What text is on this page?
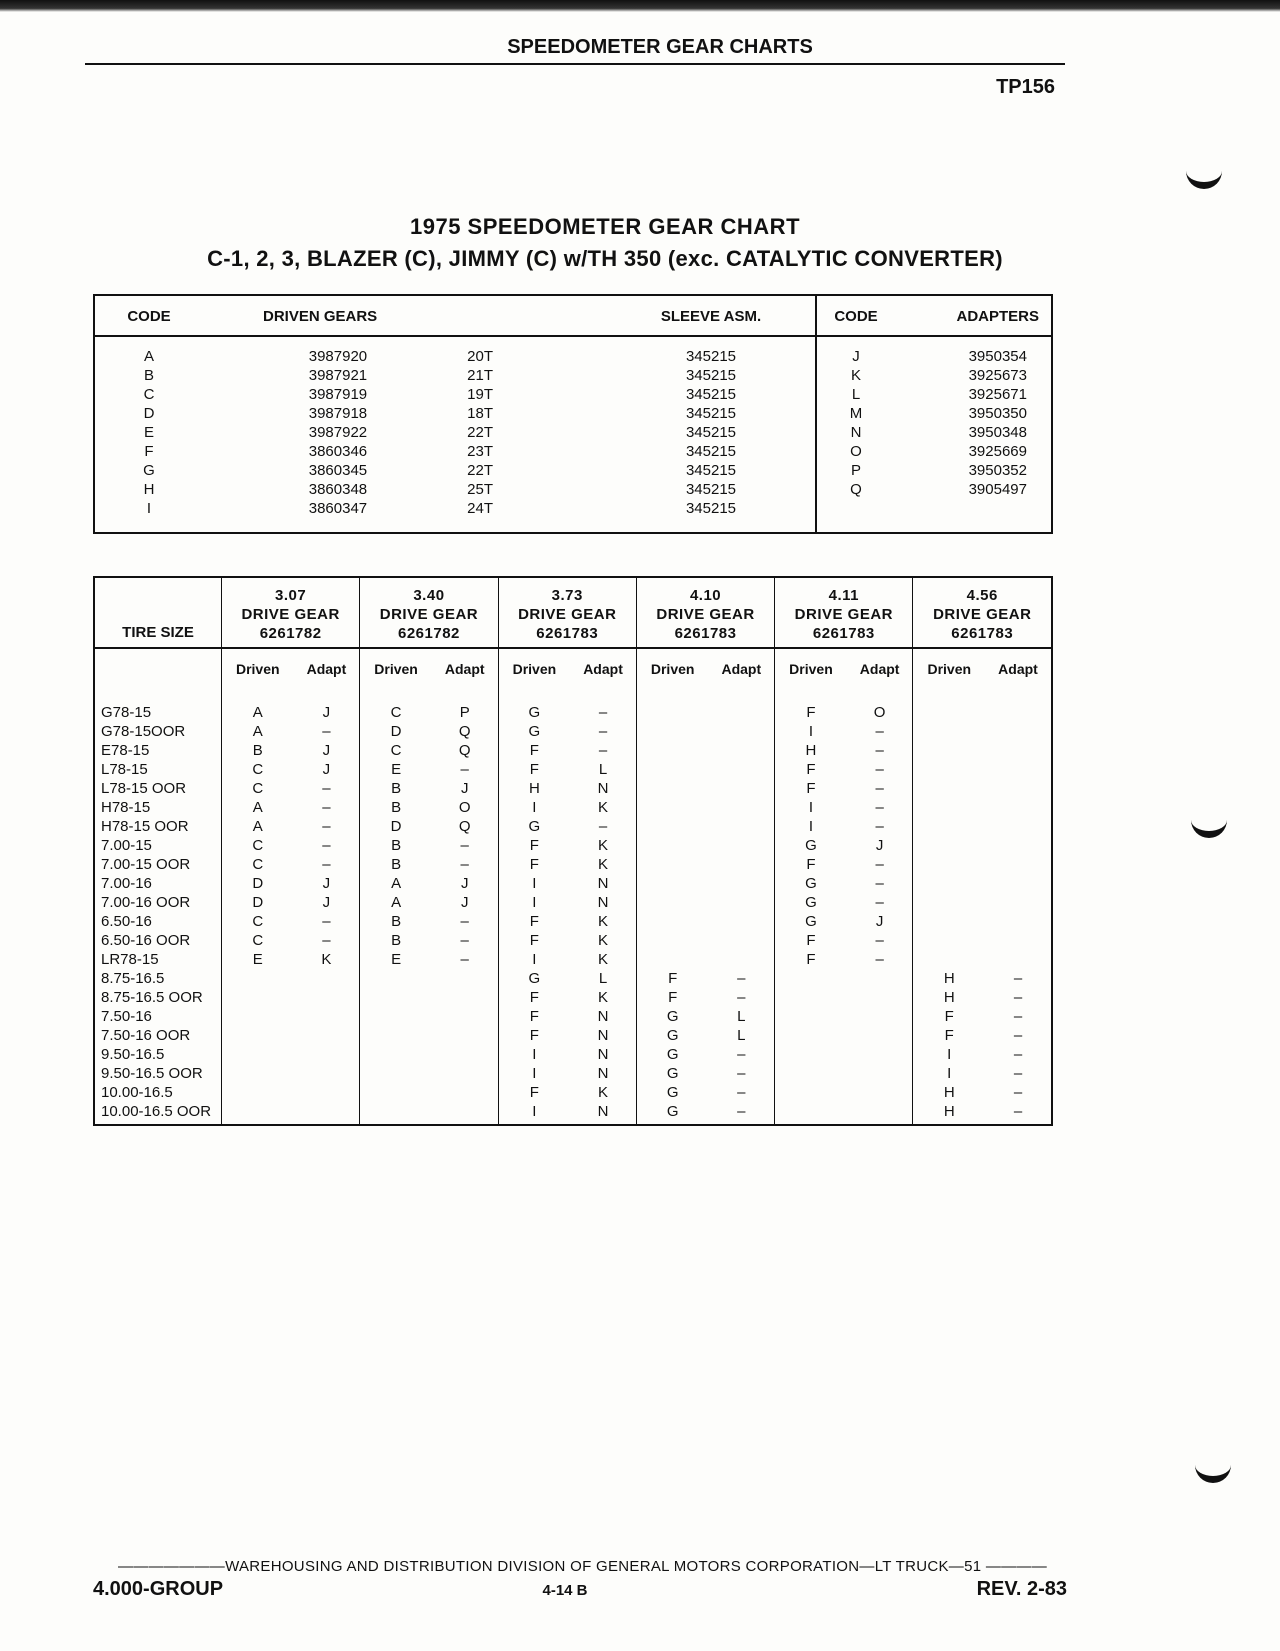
SPEEDOMETER GEAR CHARTS
TP156
1975 SPEEDOMETER GEAR CHART
C-1, 2, 3, BLAZER (C), JIMMY (C) w/TH 350 (exc. CATALYTIC CONVERTER)
CODE	DRIVEN GEARS		SLEEVE ASM.	CODE	ADAPTERS
A	3987920	20T	345215	J	3950354
B	3987921	21T	345215	K	3925673
C	3987919	19T	345215	L	3925671
D	3987918	18T	345215	M	3950350
E	3987922	22T	345215	N	3950348
F	3860346	23T	345215	O	3925669
G	3860345	22T	345215	P	3950352
H	3860348	25T	345215	Q	3905497
I	3860347	24T	345215		
TIRE SIZE	3.07
DRIVE GEAR
6261782		3.40
DRIVE GEAR
6261782		3.73
DRIVE GEAR
6261783		4.10
DRIVE GEAR
6261783		4.11
DRIVE GEAR
6261783		4.56
DRIVE GEAR
6261783	
	Driven	Adapt	Driven	Adapt	Driven	Adapt	Driven	Adapt	Driven	Adapt	Driven	Adapt
G78-15	A	J	C	P	G	–			F	O		
G78-15OOR	A	–	D	Q	G	–			I	–		
E78-15	B	J	C	Q	F	–			H	–		
L78-15	C	J	E	–	F	L			F	–		
L78-15 OOR	C	–	B	J	H	N			F	–		
H78-15	A	–	B	O	I	K			I	–		
H78-15 OOR	A	–	D	Q	G	–			I	–		
7.00-15	C	–	B	–	F	K			G	J		
7.00-15 OOR	C	–	B	–	F	K			F	–		
7.00-16	D	J	A	J	I	N			G	–		
7.00-16 OOR	D	J	A	J	I	N			G	–		
6.50-16	C	–	B	–	F	K			G	J		
6.50-16 OOR	C	–	B	–	F	K			F	–		
LR78-15	E	K	E	–	I	K			F	–		
8.75-16.5					G	L	F	–			H	–
8.75-16.5 OOR					F	K	F	–			H	–
7.50-16					F	N	G	L			F	–
7.50-16 OOR					F	N	G	L			F	–
9.50-16.5					I	N	G	–			I	–
9.50-16.5 OOR					I	N	G	–			I	–
10.00-16.5					F	K	G	–			H	–
10.00-16.5 OOR					I	N	G	–			H	–
———————WAREHOUSING AND DISTRIBUTION DIVISION OF GENERAL MOTORS CORPORATION—LT TRUCK—51 ————
4.000-GROUP	4-14 B	REV. 2-83
